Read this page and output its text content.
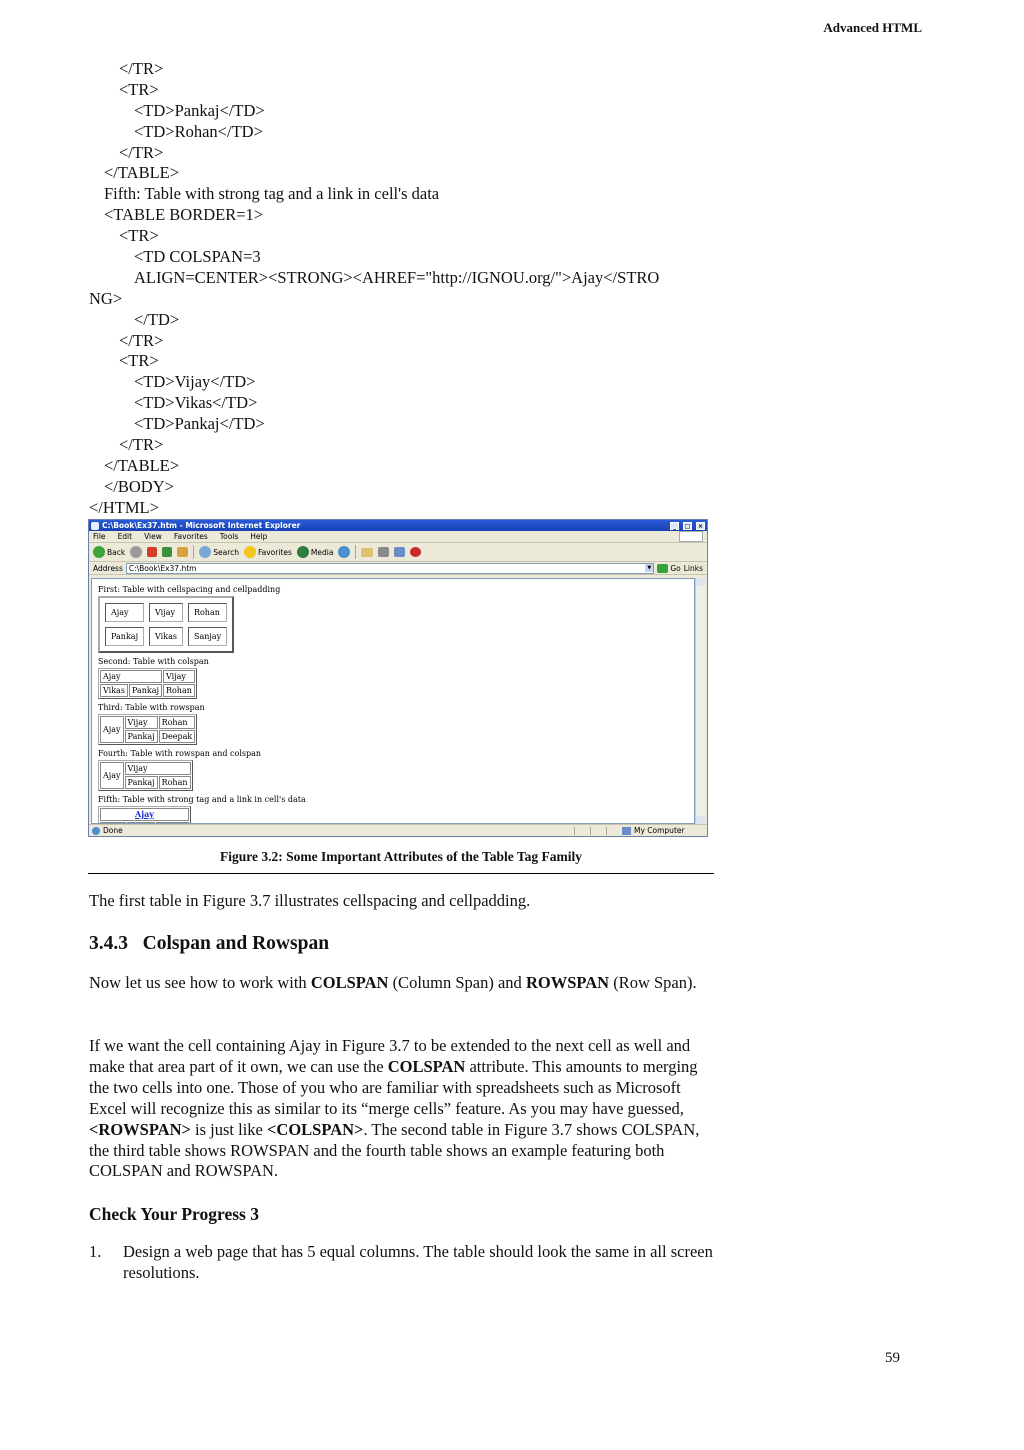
Advanced HTML
</TR>
<TR>
<TD>Pankaj</TD>
<TD>Rohan</TD>
</TR>
</TABLE>
Fifth: Table with strong tag and a link in cell's data
<TABLE BORDER=1>
<TR>
<TD COLSPAN=3
ALIGN=CENTER><STRONG><AHREF="http://IGNOU.org/">Ajay</STRO
NG>
</TD>
</TR>
<TR>
<TD>Vijay</TD>
<TD>Vikas</TD>
<TD>Pankaj</TD>
</TR>
</TABLE>
</BODY>
</HTML>
C:\Book\Ex37.htm - Microsoft Internet Explorer	_	□	×
File Edit View Favorites Tools Help
Back	Search	Favorites	Media
Address C:\Book\Ex37.htm	▼	Go Links
First: Table with cellspacing and cellpadding
Ajay	Vijay	Rohan
Pankaj	Vikas	Sanjay
Second: Table with colspan
Ajay		Vijay
Vikas	Pankaj	Rohan
Third: Table with rowspan
Ajay	Vijay	Rohan
	Pankaj	Deepak
Fourth: Table with rowspan and colspan
Ajay	Vijay	
	Pankaj	Rohan
Fifth: Table with strong tag and a link in cell's data
Ajay

Done	My Computer
Figure 3.2: Some Important Attributes of the Table Tag Family

The first table in Figure 3.7 illustrates cellspacing and cellpadding.

3.4.3 Colspan and Rowspan

Now let us see how to work with COLSPAN (Column Span) and ROWSPAN (Row Span).

If we want the cell containing Ajay in Figure 3.7 to be extended to the next cell as well and make that area part of it own, we can use the COLSPAN attribute. This amounts to merging the two cells into one. Those of you who are familiar with spreadsheets such as Microsoft Excel will recognize this as similar to its “merge cells” feature. As you may have guessed, <ROWSPAN> is just like <COLSPAN>. The second table in Figure 3.7 shows COLSPAN, the third table shows ROWSPAN and the fourth table shows an example featuring both COLSPAN and ROWSPAN.

Check Your Progress 3
1.	Design a web page that has 5 equal columns. The table should look the same in all screen resolutions.
59
